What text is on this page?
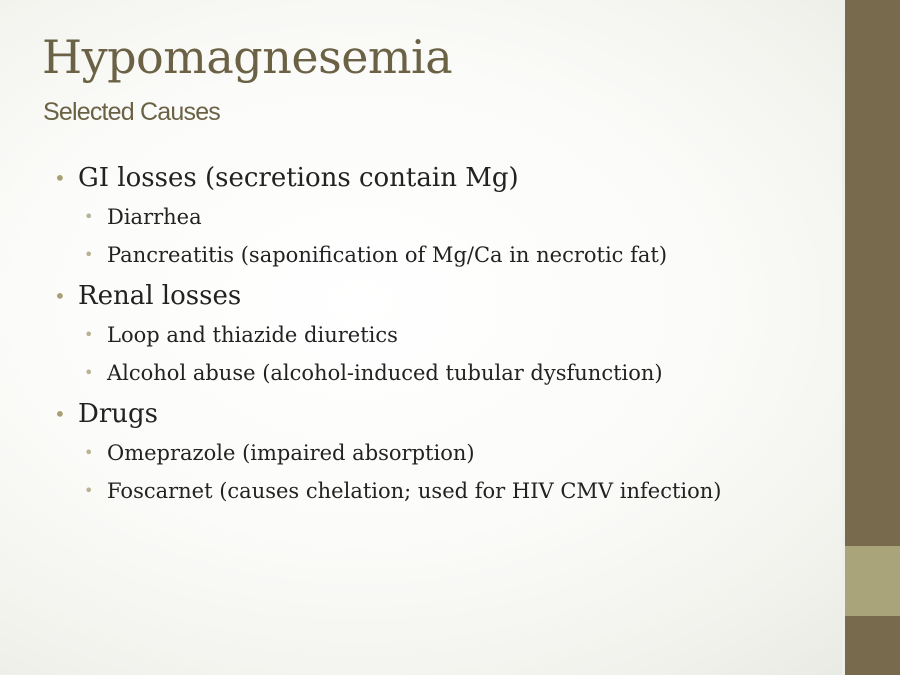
Hypomagnesemia
Selected Causes
• GI losses (secretions contain Mg)
• Diarrhea
• Pancreatitis (saponification of Mg/Ca in necrotic fat)
• Renal losses
• Loop and thiazide diuretics
• Alcohol abuse (alcohol-induced tubular dysfunction)
• Drugs
• Omeprazole (impaired absorption)
• Foscarnet (causes chelation; used for HIV CMV infection)
